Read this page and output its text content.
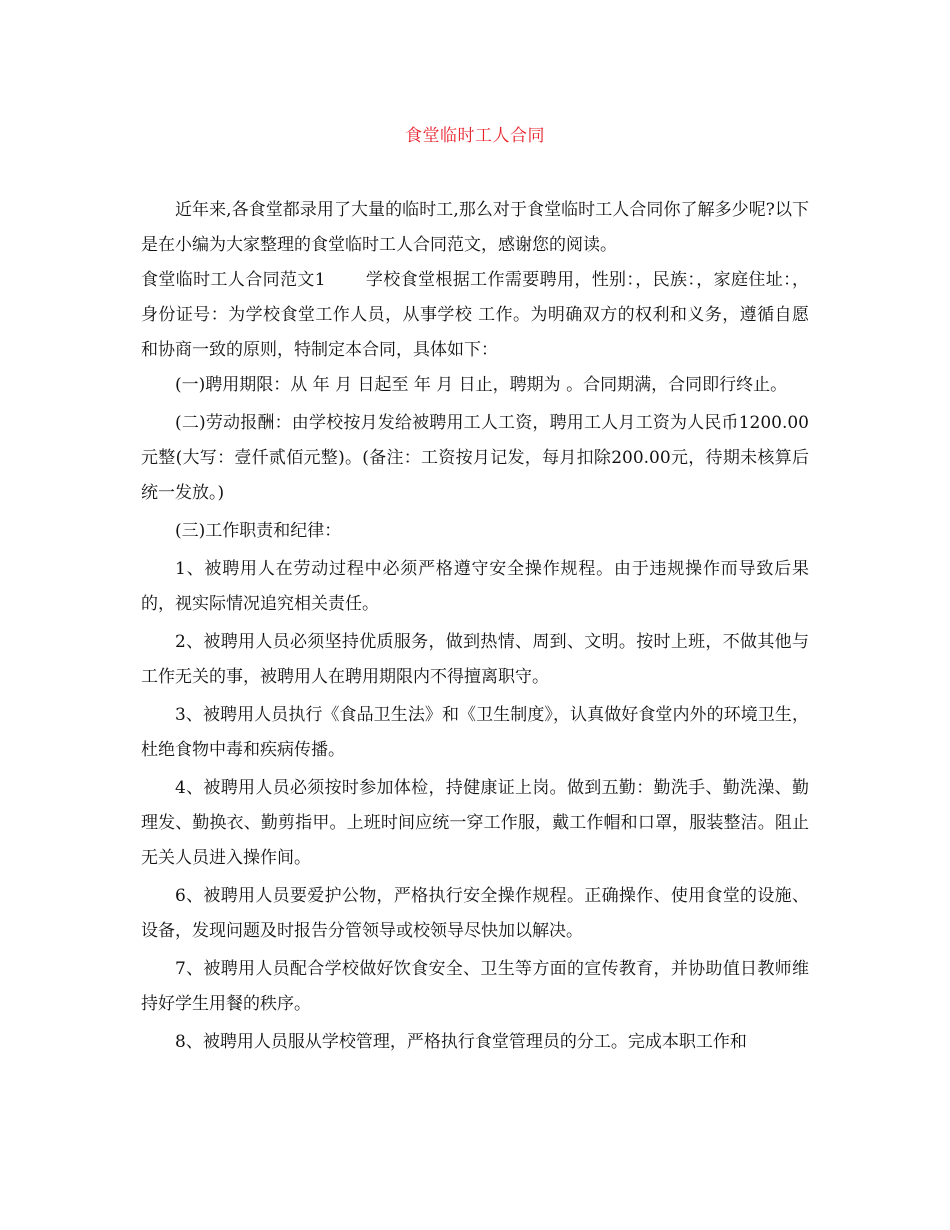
食堂临时工人合同

近年来,各食堂都录用了大量的临时工,那么对于食堂临时工人合同你了解多少呢?以下是在小编为大家整理的食堂临时工人合同范文，感谢您的阅读。

食堂临时工人合同范文1 学校食堂根据工作需要聘用，性别：，民族：，家庭住址：，身份证号：为学校食堂工作人员，从事学校 工作。为明确双方的权利和义务，遵循自愿和协商一致的原则，特制定本合同，具体如下：

(一)聘用期限：从 年 月 日起至 年 月 日止，聘期为 。合同期满，合同即行终止。

(二)劳动报酬：由学校按月发给被聘用工人工资，聘用工人月工资为人民币1200.00元整(大写：壹仟贰佰元整)。(备注：工资按月记发，每月扣除200.00元，待期未核算后统一发放。)

(三)工作职责和纪律：

1、被聘用人在劳动过程中必须严格遵守安全操作规程。由于违规操作而导致后果的，视实际情况追究相关责任。

2、被聘用人员必须坚持优质服务，做到热情、周到、文明。按时上班，不做其他与工作无关的事，被聘用人在聘用期限内不得擅离职守。

3、被聘用人员执行《食品卫生法》和《卫生制度》，认真做好食堂内外的环境卫生，杜绝食物中毒和疾病传播。

4、被聘用人员必须按时参加体检，持健康证上岗。做到五勤：勤洗手、勤洗澡、勤理发、勤换衣、勤剪指甲。上班时间应统一穿工作服，戴工作帽和口罩，服装整洁。阻止无关人员进入操作间。

6、被聘用人员要爱护公物，严格执行安全操作规程。正确操作、使用食堂的设施、设备，发现问题及时报告分管领导或校领导尽快加以解决。

7、被聘用人员配合学校做好饮食安全、卫生等方面的宣传教育，并协助值日教师维持好学生用餐的秩序。

8、被聘用人员服从学校管理，严格执行食堂管理员的分工。完成本职工作和
